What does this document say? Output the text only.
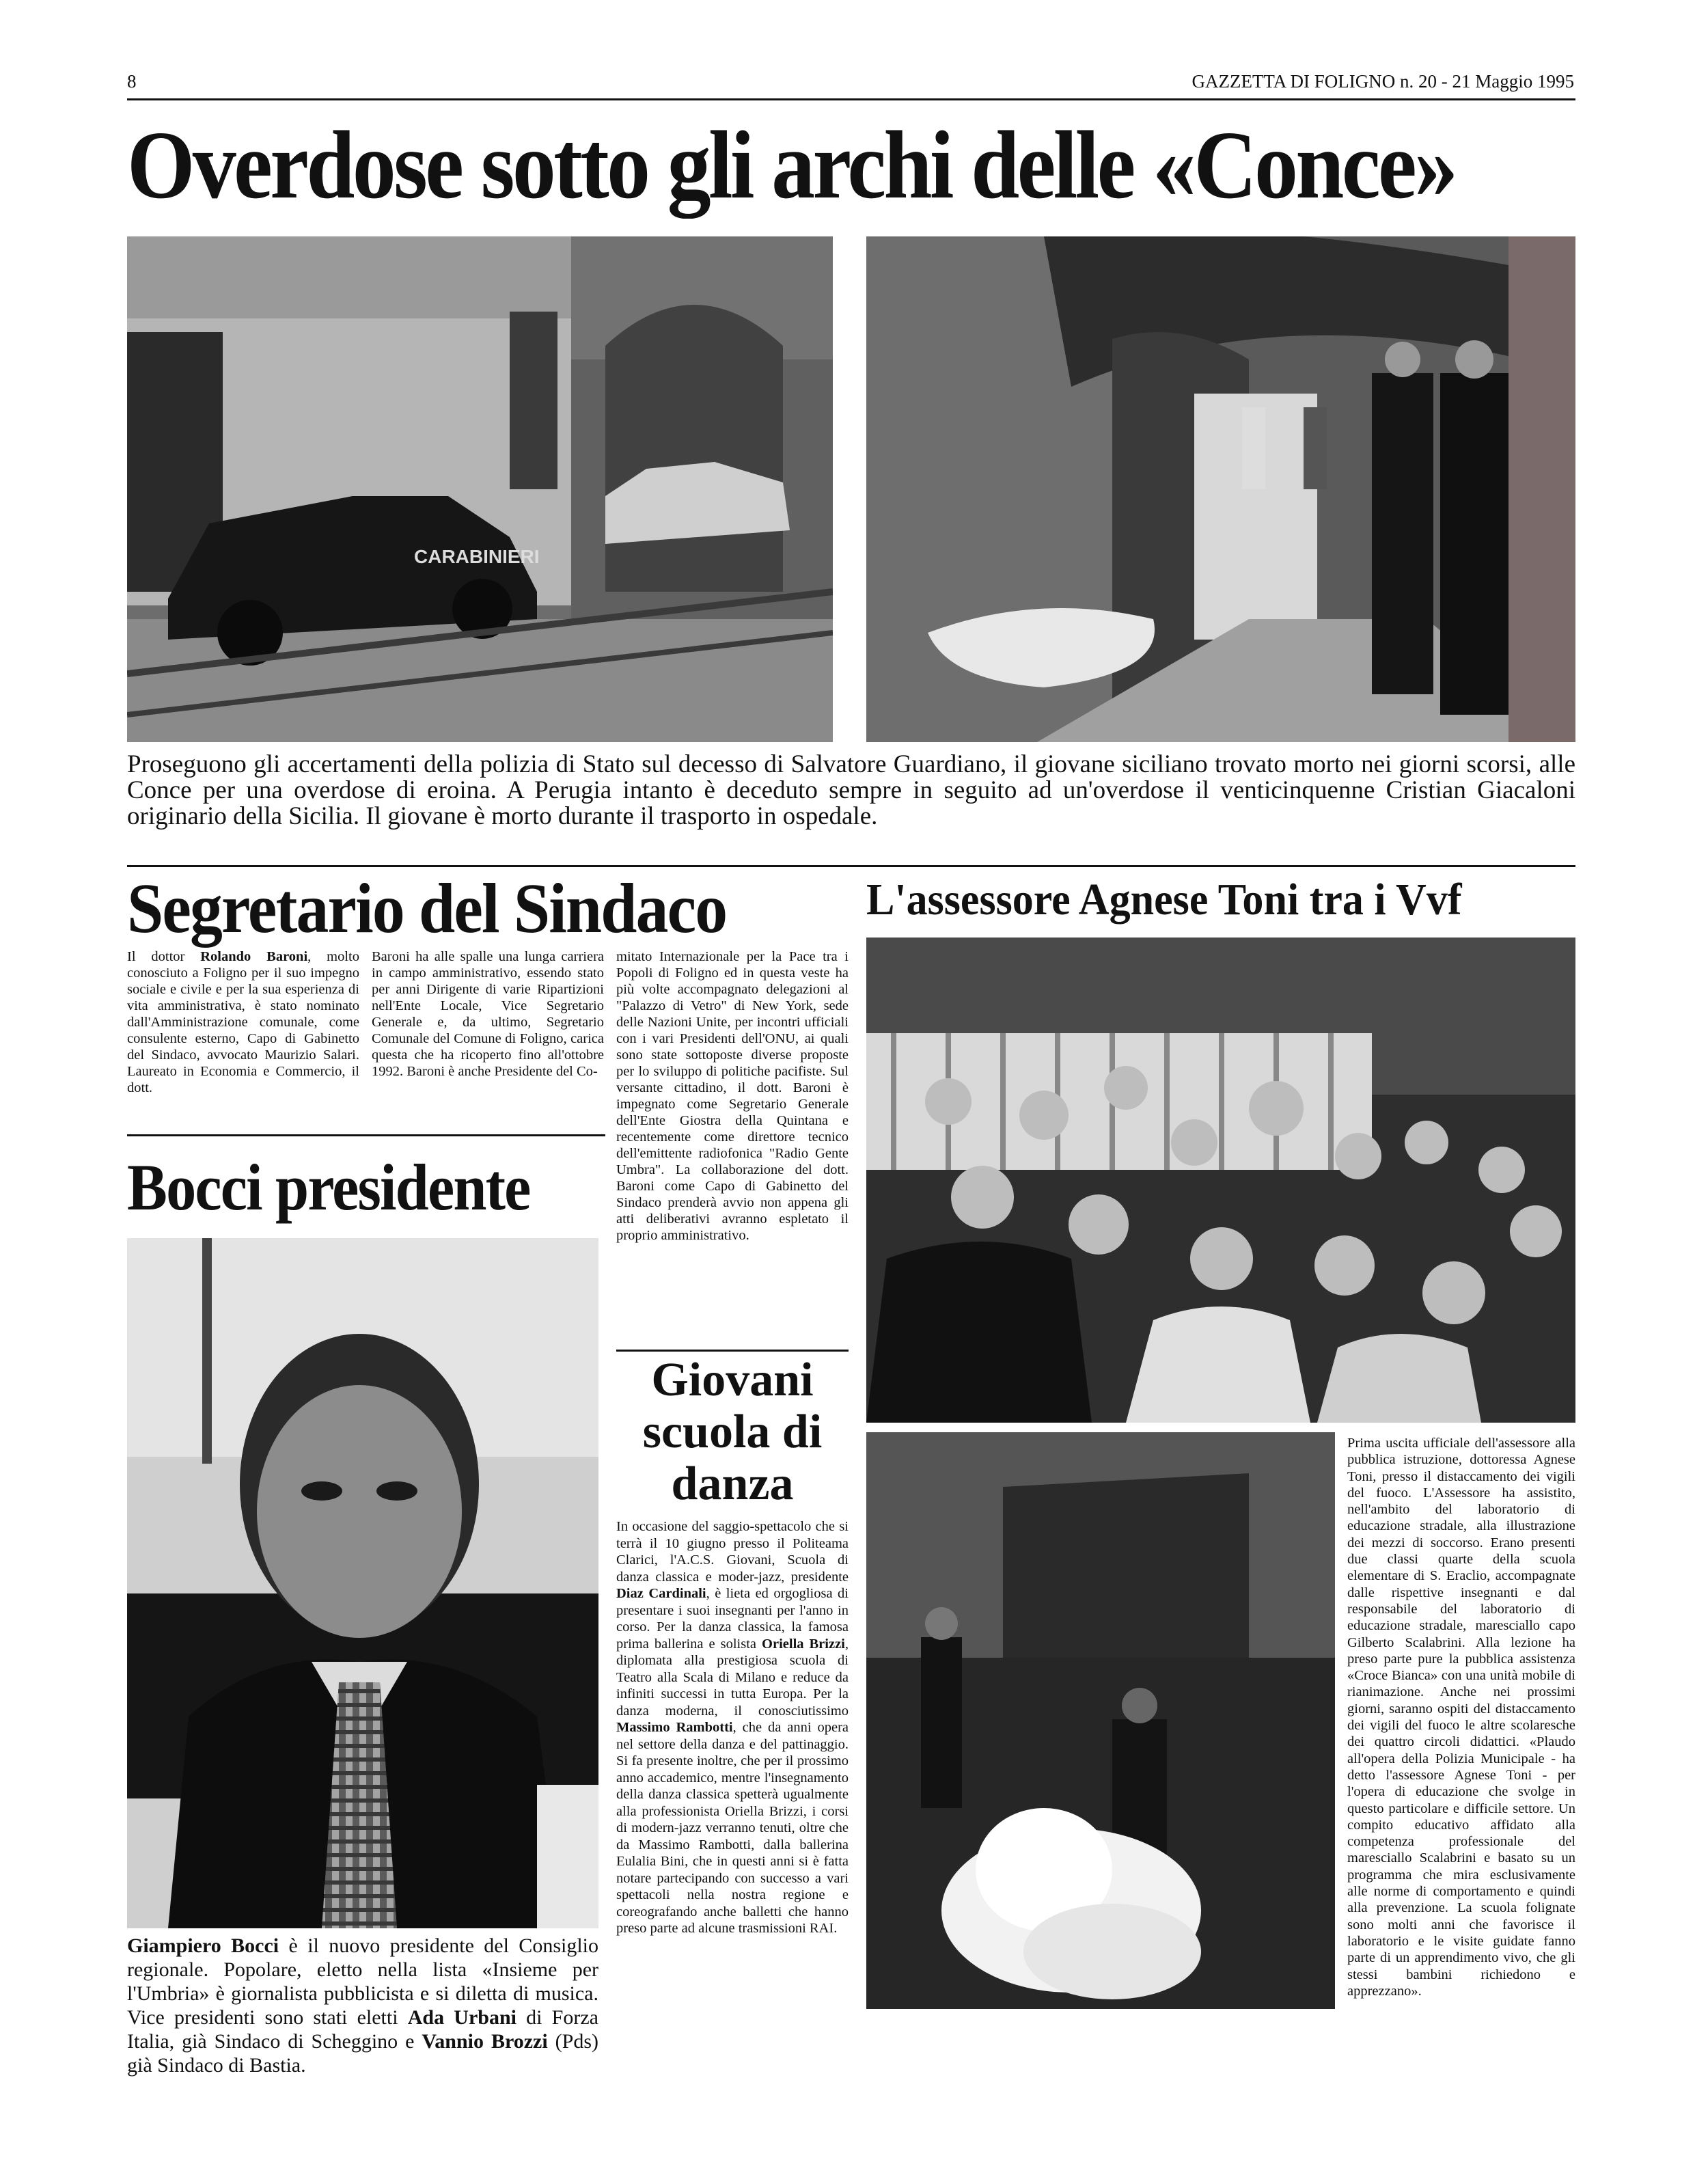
8	GAZZETTA DI FOLIGNO n. 20 - 21 Maggio 1995
Overdose sotto gli archi delle «Conce»
CARABINIERI
Proseguono gli accertamenti della polizia di Stato sul decesso di Salvatore Guardiano, il giovane siciliano trovato morto nei giorni scorsi, alle Conce per una overdose di eroina. A Perugia intanto è deceduto sempre in seguito ad un'overdose il venticinquenne Cristian Giacaloni originario della Sicilia. Il giovane è morto durante il trasporto in ospedale.
Segretario del Sindaco	L'assessore Agnese Toni tra i Vvf

Il dottor Rolando Baroni, molto conosciuto a Foligno per il suo impegno sociale e civile e per la sua esperienza di vita amministrativa, è stato nominato dall'Amministrazione comunale, come consulente esterno, Capo di Gabinetto del Sindaco, avvocato Maurizio Salari. Laureato in Economia e Commercio, il dott.

Baroni ha alle spalle una lunga carriera in campo amministrativo, essendo stato per anni Dirigente di varie Ripartizioni nell'Ente Locale, Vice Segretario Generale e, da ultimo, Segretario Comunale del Comune di Foligno, carica questa che ha ricoperto fino all'ottobre 1992. Baroni è anche Presidente del Co-
mitato Internazionale per la Pace tra i Popoli di Foligno ed in questa veste ha più volte accompagnato delegazioni al "Palazzo di Vetro" di New York, sede delle Nazioni Unite, per incontri ufficiali con i vari Presidenti dell'ONU, ai quali sono state sottoposte diverse proposte per lo sviluppo di politiche pacifiste. Sul versante cittadino, il dott. Baroni è impegnato come Segretario Generale dell'Ente Giostra della Quintana e recentemente come direttore tecnico dell'emittente radiofonica "Radio Gente Umbra". La collaborazione del dott. Baroni come Capo di Gabinetto del Sindaco prenderà avvio non appena gli atti deliberativi avranno espletato il proprio amministrativo.
Bocci presidente
Giampiero Bocci è il nuovo presidente del Consiglio regionale. Popolare, eletto nella lista «Insieme per l'Umbria» è giornalista pubblicista e si diletta di musica. Vice presidenti sono stati eletti Ada Urbani di Forza Italia, già Sindaco di Scheggino e Vannio Brozzi (Pds) già Sindaco di Bastia.
Giovani
scuola di
danza

In occasione del saggio-spettacolo che si terrà il 10 giugno presso il Politeama Clarici, l'A.C.S. Giovani, Scuola di danza classica e moder-jazz, presidente Diaz Cardinali, è lieta ed orgogliosa di presentare i suoi insegnanti per l'anno in corso. Per la danza classica, la famosa prima ballerina e solista Oriella Brizzi, diplomata alla prestigiosa scuola di Teatro alla Scala di Milano e reduce da infiniti successi in tutta Europa. Per la danza moderna, il conosciutissimo Massimo Rambotti, che da anni opera nel settore della danza e del pattinaggio. Si fa presente inoltre, che per il prossimo anno accademico, mentre l'insegnamento della danza classica spetterà ugualmente alla professionista Oriella Brizzi, i corsi di modern-jazz verranno tenuti, oltre che da Massimo Rambotti, dalla ballerina Eulalia Bini, che in questi anni si è fatta notare partecipando con successo a vari spettacoli nella nostra regione e coreografando anche balletti che hanno preso parte ad alcune trasmissioni RAI.

Prima uscita ufficiale dell'assessore alla pubblica istruzione, dottoressa Agnese Toni, presso il distaccamento dei vigili del fuoco. L'Assessore ha assistito, nell'ambito del laboratorio di educazione stradale, alla illustrazione dei mezzi di soccorso. Erano presenti due classi quarte della scuola elementare di S. Eraclio, accompagnate dalle rispettive insegnanti e dal responsabile del laboratorio di educazione stradale, maresciallo capo Gilberto Scalabrini. Alla lezione ha preso parte pure la pubblica assistenza «Croce Bianca» con una unità mobile di rianimazione. Anche nei prossimi giorni, saranno ospiti del distaccamento dei vigili del fuoco le altre scolaresche dei quattro circoli didattici. «Plaudo all'opera della Polizia Municipale - ha detto l'assessore Agnese Toni - per l'opera di educazione che svolge in questo particolare e difficile settore. Un compito educativo affidato alla competenza professionale del maresciallo Scalabrini e basato su un programma che mira esclusivamente alle norme di comportamento e quindi alla prevenzione. La scuola folignate sono molti anni che favorisce il laboratorio e le visite guidate fanno parte di un apprendimento vivo, che gli stessi bambini richiedono e apprezzano».
